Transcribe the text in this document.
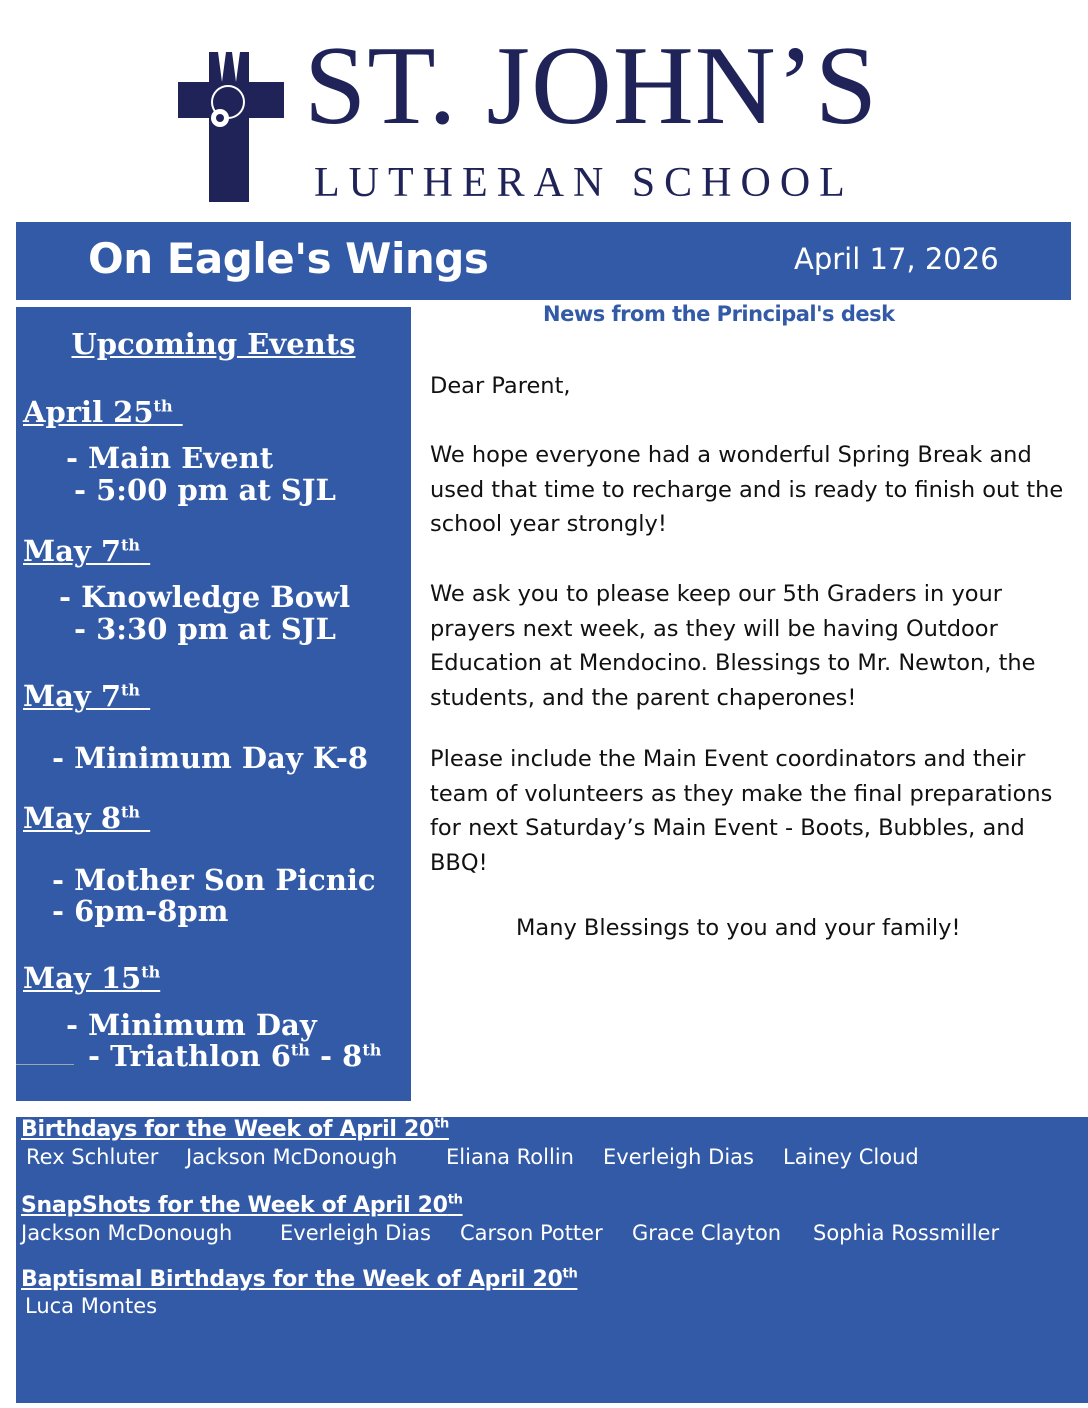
ST. JOHN’S
LUTHERAN SCHOOL
On Eagle's Wings	April 17, 2026
Upcoming Events
April 25th
- Main Event
- 5:00 pm at SJL
May 7th
- Knowledge Bowl
- 3:30 pm at SJL
May 7th
- Minimum Day K-8
May 8th
- Mother Son Picnic
- 6pm-8pm
May 15th
- Minimum Day
- Triathlon 6th - 8th
News from the Principal's desk

Dear Parent,

We hope everyone had a wonderful Spring Break and used that time to recharge and is ready to finish out the school year strongly!

We ask you to please keep our 5th Graders in your prayers next week, as they will be having Outdoor Education at Mendocino. Blessings to Mr. Newton, the students, and the parent chaperones!

Please include the Main Event coordinators and their team of volunteers as they make the final preparations for next Saturday’s Main Event - Boots, Bubbles, and BBQ!

Many Blessings to you and your family!
Birthdays for the Week of April 20th
Rex Schluter Jackson McDonough Eliana Rollin Everleigh Dias Lainey Cloud
SnapShots for the Week of April 20th
Jackson McDonough Everleigh Dias Carson Potter Grace Clayton Sophia Rossmiller
Baptismal Birthdays for the Week of April 20th
Luca Montes
